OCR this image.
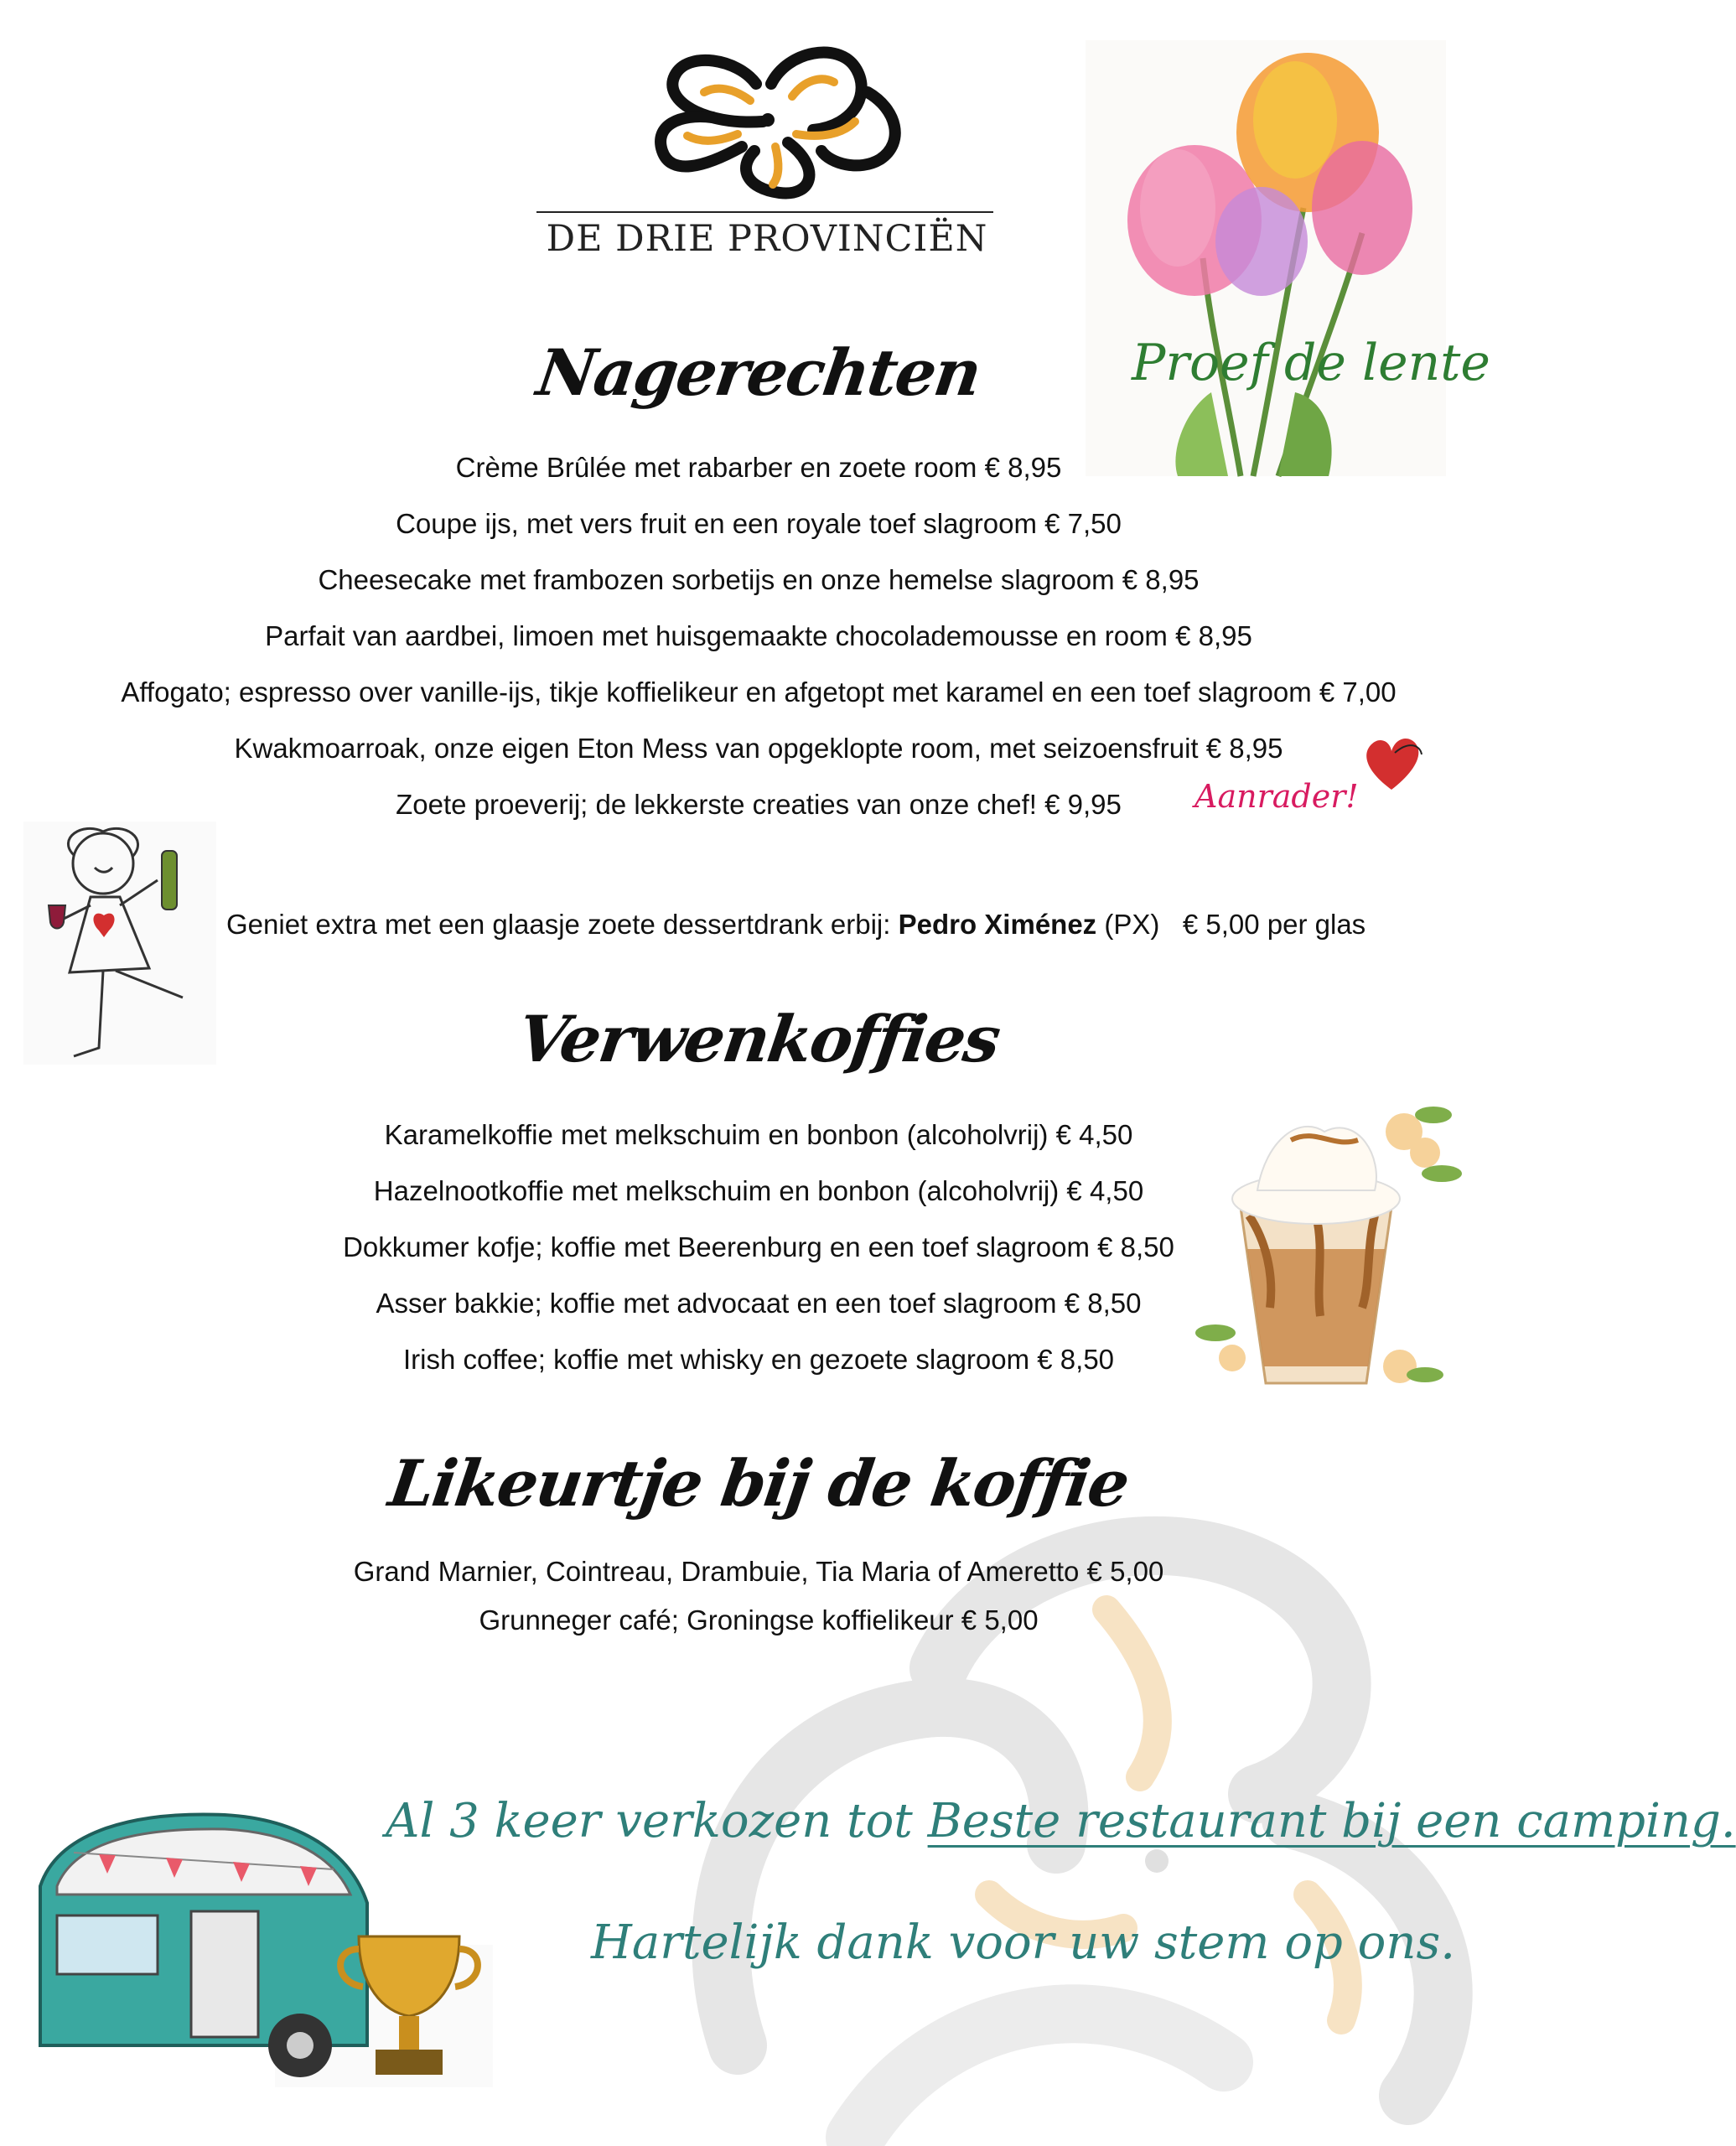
DE DRIE PROVINCIËN
Proef de lente
Nagerechten
Crème Brûlée met rabarber en zoete room € 8,95
Coupe ijs, met vers fruit en een royale toef slagroom € 7,50
Cheesecake met frambozen sorbetijs en onze hemelse slagroom € 8,95
Parfait van aardbei, limoen met huisgemaakte chocolademousse en room € 8,95
Affogato; espresso over vanille-ijs, tikje koffielikeur en afgetopt met karamel en een toef slagroom € 7,00
Kwakmoarroak, onze eigen Eton Mess van opgeklopte room, met seizoensfruit € 8,95
Zoete proeverij; de lekkerste creaties van onze chef! € 9,95	Aanrader!
Geniet extra met een glaasje zoete dessertdrank erbij: Pedro Ximénez (PX)   € 5,00 per glas
Verwenkoffies
Karamelkoffie met melkschuim en bonbon (alcoholvrij) € 4,50
Hazelnootkoffie met melkschuim en bonbon (alcoholvrij) € 4,50
Dokkumer kofje; koffie met Beerenburg en een toef slagroom € 8,50
Asser bakkie; koffie met advocaat en een toef slagroom € 8,50
Irish coffee; koffie met whisky en gezoete slagroom € 8,50
Likeurtje bij de koffie
Grand Marnier, Cointreau, Drambuie, Tia Maria of Ameretto € 5,00
Grunneger café; Groningse koffielikeur € 5,00
Al 3 keer verkozen tot Beste restaurant bij een camping.
Hartelijk dank voor uw stem op ons.
